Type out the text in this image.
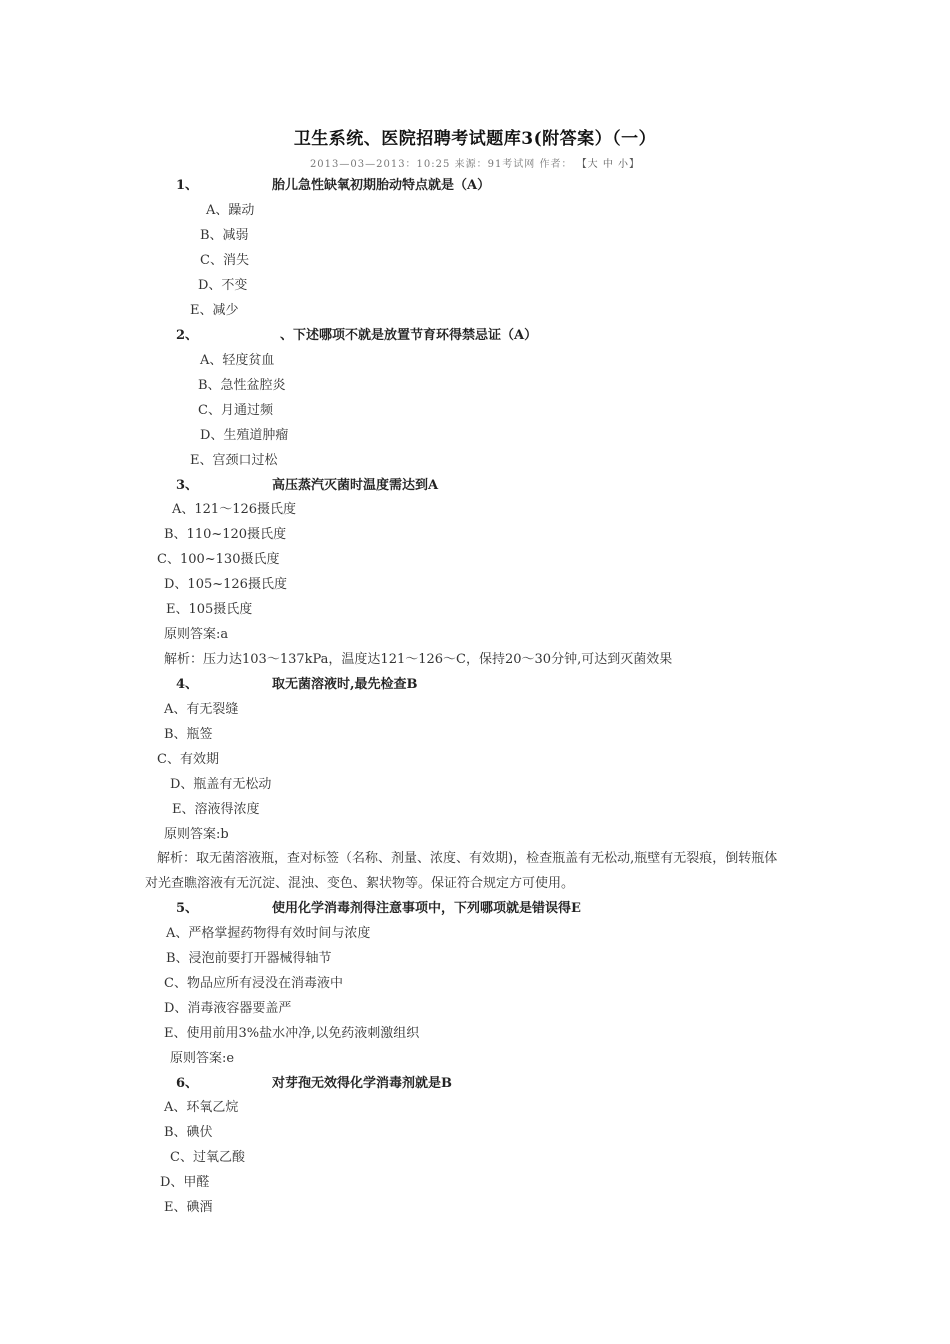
卫生系统、医院招聘考试题库3(附答案）（一）
2013—03—2013：10:25 来源：91考试网 作者： 【大 中 小】
1、	胎儿急性缺氧初期胎动特点就是（A）
A、躁动
B、减弱
C、消失
D、不变
E、减少
2、	、下述哪项不就是放置节育环得禁忌证（A）
A、轻度贫血
B、急性盆腔炎
C、月通过频
D、生殖道肿瘤
E、宫颈口过松
3、	高压蒸汽灭菌时温度需达到A
A、121～126摄氏度
B、110~120摄氏度
C、100~130摄氏度
D、105~126摄氏度
E、105摄氏度
原则答案:a
解析：压力达103～137kPa，温度达121～126～C，保持20～30分钟,可达到灭菌效果
4、	取无菌溶液时,最先检查B
A、有无裂缝
B、瓶签
C、有效期
D、瓶盖有无松动
E、溶液得浓度
原则答案:b
解析：取无菌溶液瓶，查对标签（名称、剂量、浓度、有效期)，检查瓶盖有无松动,瓶壁有无裂痕，倒转瓶体
对光查瞧溶液有无沉淀、混浊、变色、絮状物等。保证符合规定方可使用。
5、	使用化学消毒剂得注意事项中，下列哪项就是错误得E
A、严格掌握药物得有效时间与浓度
B、浸泡前要打开器械得轴节
C、物品应所有浸没在消毒液中
D、消毒液容器要盖严
E、使用前用3%盐水冲净,以免药液刺激组织
原则答案:e
6、	对芽孢无效得化学消毒剂就是B
A、环氧乙烷
B、碘伏
C、过氧乙酸
D、甲醛
E、碘酒
